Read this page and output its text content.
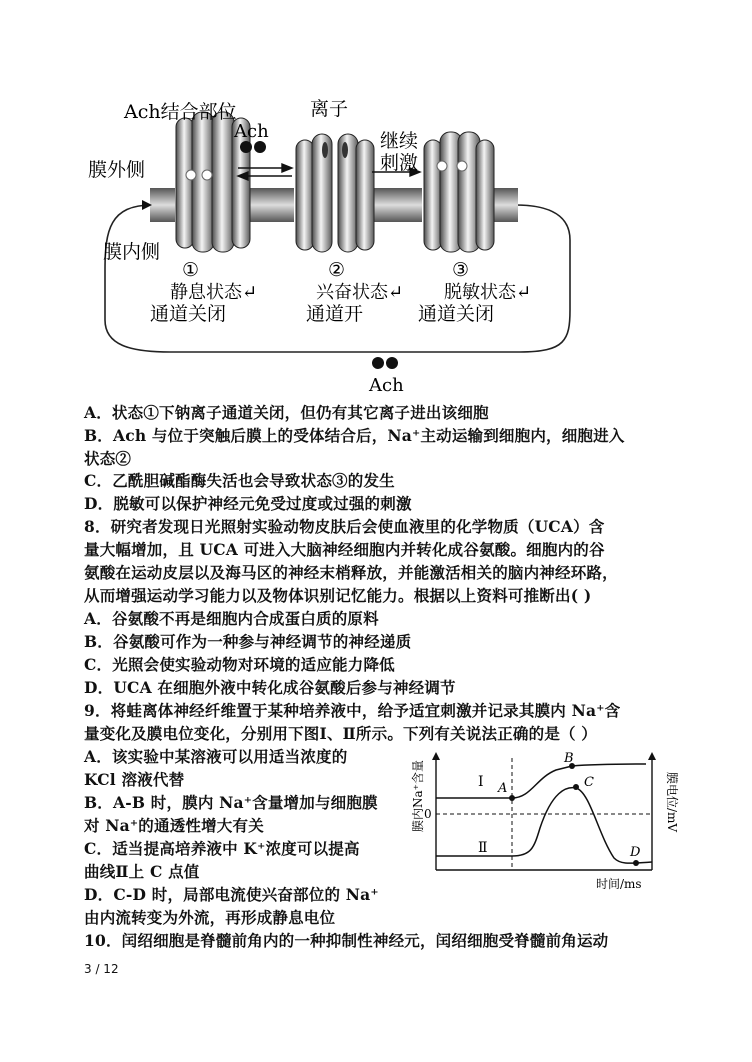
Ach结合部位	离子
Ach	继续
刺激
膜外侧
膜内侧
①
静息状态↵
通道关闭
②
兴奋状态↵
通道开
③
脱敏状态↵
通道关闭
Ach
A．状态①下钠离子通道关闭，但仍有其它离子进出该细胞
B．Ach 与位于突触后膜上的受体结合后，Na⁺主动运输到细胞内，细胞进入
状态②
C．乙酰胆碱酯酶失活也会导致状态③的发生
D．脱敏可以保护神经元免受过度或过强的刺激
8．研究者发现日光照射实验动物皮肤后会使血液里的化学物质（UCA）含
量大幅增加，且 UCA 可进入大脑神经细胞内并转化成谷氨酸。细胞内的谷
氨酸在运动皮层以及海马区的神经末梢释放，并能激活相关的脑内神经环路，
从而增强运动学习能力以及物体识别记忆能力。根据以上资料可推断出( )
A．谷氨酸不再是细胞内合成蛋白质的原料
B．谷氨酸可作为一种参与神经调节的神经递质
C．光照会使实验动物对环境的适应能力降低
D．UCA 在细胞外液中转化成谷氨酸后参与神经调节
9．将蛙离体神经纤维置于某种培养液中，给予适宜刺激并记录其膜内 Na⁺含
量变化及膜电位变化，分别用下图Ⅰ、Ⅱ所示。下列有关说法正确的是（ ）
A．该实验中某溶液可以用适当浓度的
KCl 溶液代替
B．A-B 时，膜内 Na⁺含量增加与细胞膜
对 Na⁺的通透性增大有关
C．适当提高培养液中 K⁺浓度可以提高
曲线Ⅱ上 C 点值
D．C-D 时，局部电流使兴奋部位的 Na⁺
由内流转变为外流，再形成静息电位
A
B
C
D
Ⅰ
Ⅱ
0
时间/ms
膜内Na⁺含量	膜电位/mV
10．闰绍细胞是脊髓前角内的一种抑制性神经元，闰绍细胞受脊髓前角运动
3 / 12
